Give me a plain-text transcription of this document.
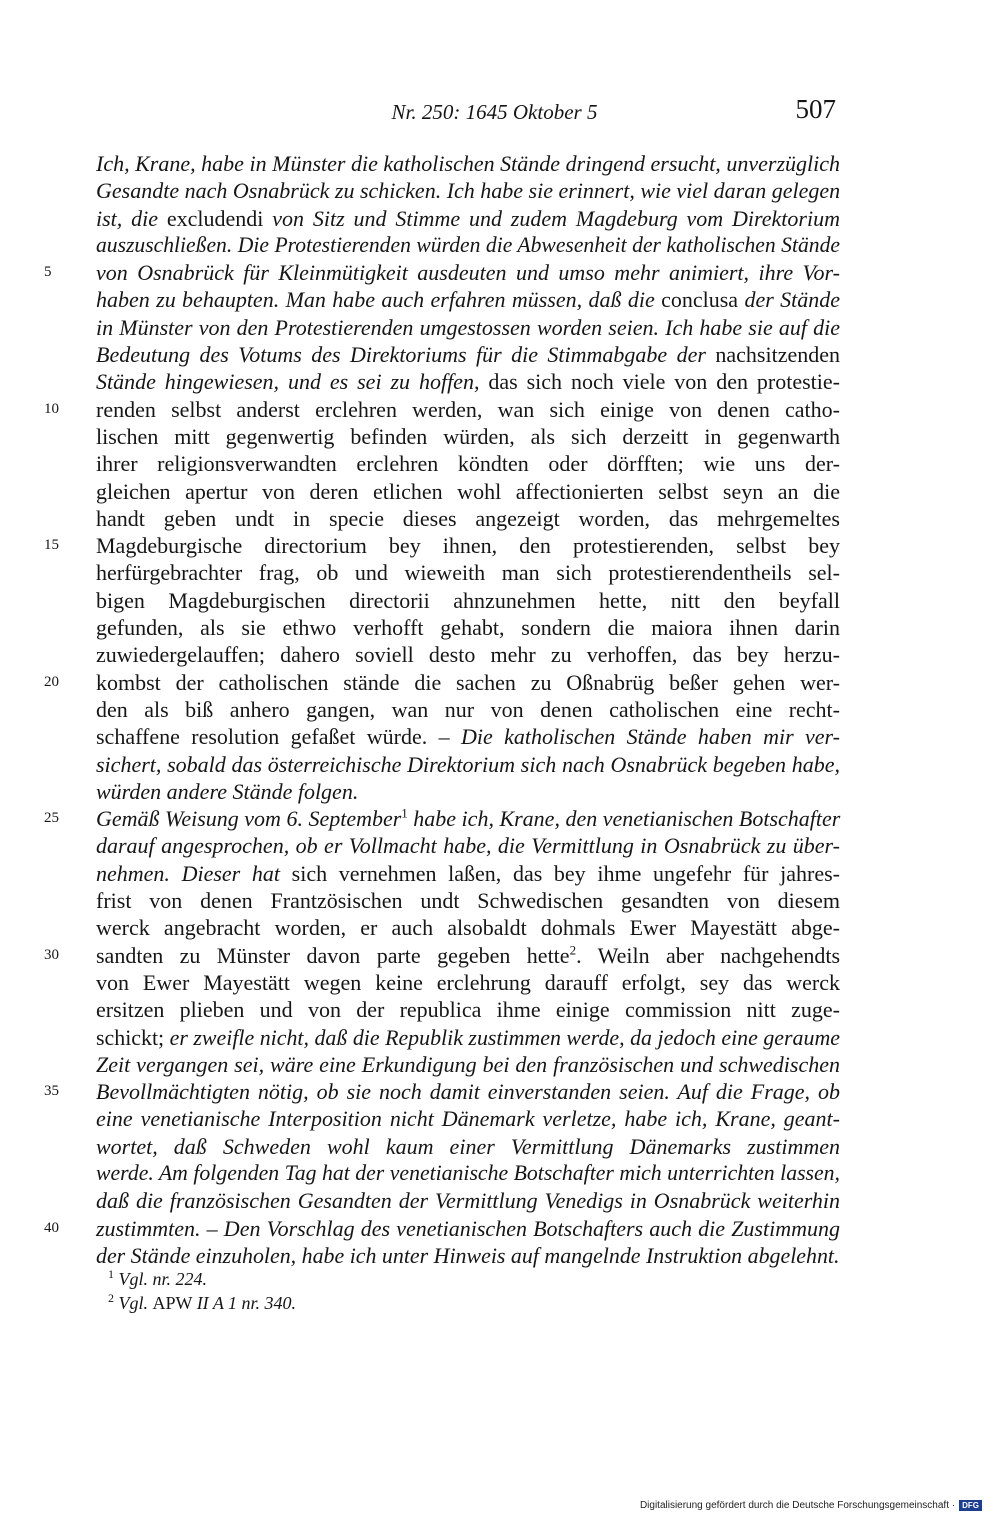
Nr. 250: 1645 Oktober 5	507
Ich, Krane, habe in Münster die katholischen Stände dringend ersucht, unverzüglich
Gesandte nach Osnabrück zu schicken. Ich habe sie erinnert, wie viel daran gelegen
ist, die excludendi von Sitz und Stimme und zudem Magdeburg vom Direktorium
auszuschließen. Die Protestierenden würden die Abwesenheit der katholischen Stände
5	von Osnabrück für Kleinmütigkeit ausdeuten und umso mehr animiert, ihre Vor-
haben zu behaupten. Man habe auch erfahren müssen, daß die conclusa der Stände
in Münster von den Protestierenden umgestossen worden seien. Ich habe sie auf die
Bedeutung des Votums des Direktoriums für die Stimmabgabe der nachsitzenden
Stände hingewiesen, und es sei zu hoffen, das sich noch viele von den protestie-
10	renden selbst anderst erclehren werden, wan sich einige von denen catho-
lischen mitt gegenwertig befinden würden, als sich derzeitt in gegenwarth
ihrer religionsverwandten erclehren köndten oder dörfften; wie uns der-
gleichen apertur von deren etlichen wohl affectionierten selbst seyn an die
handt geben undt in specie dieses angezeigt worden, das mehrgemeltes
15	Magdeburgische directorium bey ihnen, den protestierenden, selbst bey
herfürgebrachter frag, ob und wieweith man sich protestierendentheils sel-
bigen Magdeburgischen directorii ahnzunehmen hette, nitt den beyfall
gefunden, als sie ethwo verhofft gehabt, sondern die maiora ihnen darin
zuwiedergelauffen; dahero soviell desto mehr zu verhoffen, das bey herzu-
20	kombst der catholischen stände die sachen zu Oßnabrüg beßer gehen wer-
den als biß anhero gangen, wan nur von denen catholischen eine recht-
schaffene resolution gefaßet würde. – Die katholischen Stände haben mir ver-
sichert, sobald das österreichische Direktorium sich nach Osnabrück begeben habe,
würden andere Stände folgen.
25	Gemäß Weisung vom 6. September$^1$ habe ich, Krane, den venetianischen Botschafter
darauf angesprochen, ob er Vollmacht habe, die Vermittlung in Osnabrück zu über-
nehmen. Dieser hat sich vernehmen laßen, das bey ihme ungefehr für jahres-
frist von denen Frantzösischen undt Schwedischen gesandten von diesem
werck angebracht worden, er auch alsobaldt dohmals Ewer Mayestätt abge-
30	sandten zu Münster davon parte gegeben hette$^2$. Weiln aber nachgehendts
von Ewer Mayestätt wegen keine erclehrung darauff erfolgt, sey das werck
ersitzen plieben und von der republica ihme einige commission nitt zuge-
schickt; er zweifle nicht, daß die Republik zustimmen werde, da jedoch eine geraume
Zeit vergangen sei, wäre eine Erkundigung bei den französischen und schwedischen
35	Bevollmächtigten nötig, ob sie noch damit einverstanden seien. Auf die Frage, ob
eine venetianische Interposition nicht Dänemark verletze, habe ich, Krane, geant-
wortet, daß Schweden wohl kaum einer Vermittlung Dänemarks zustimmen
werde. Am folgenden Tag hat der venetianische Botschafter mich unterrichten lassen,
daß die französischen Gesandten der Vermittlung Venedigs in Osnabrück weiterhin
40	zustimmten. – Den Vorschlag des venetianischen Botschafters auch die Zustimmung
der Stände einzuholen, habe ich unter Hinweis auf mangelnde Instruktion abgelehnt.
$^1$ Vgl. nr. 224.
$^2$ Vgl. APW II A 1 nr. 340.
Digitalisierung gefördert durch die Deutsche Forschungsgemeinschaft · DFG
